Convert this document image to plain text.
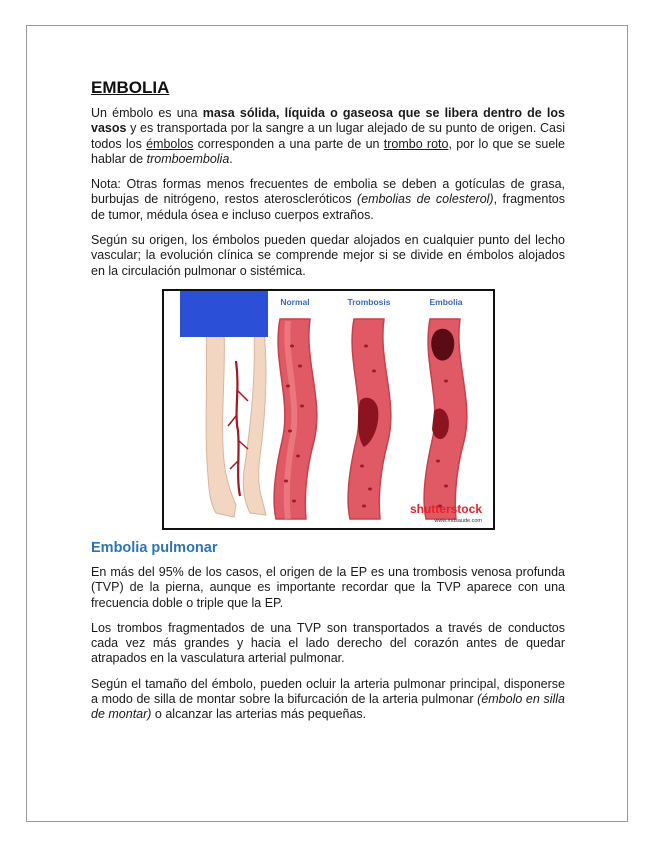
EMBOLIA

Un émbolo es una masa sólida, líquida o gaseosa que se libera dentro de los vasos y es transportada por la sangre a un lugar alejado de su punto de origen. Casi todos los émbolos corresponden a una parte de un trombo roto, por lo que se suele hablar de tromboembolia.

Nota: Otras formas menos frecuentes de embolia se deben a gotículas de grasa, burbujas de nitrógeno, restos ateroscleróticos (embolias de colesterol), fragmentos de tumor, médula ósea e incluso cuerpos extraños.

Según su origen, los émbolos pueden quedar alojados en cualquier punto del lecho vascular; la evolución clínica se comprende mejor si se divide en émbolos alojados en la circulación pulmonar o sistémica.

Normal	Trombosis	Embolia
shutterstock
www.mdsaude.com
Embolia pulmonar

En más del 95% de los casos, el origen de la EP es una trombosis venosa profunda (TVP) de la pierna, aunque es importante recordar que la TVP aparece con una frecuencia doble o triple que la EP.

Los trombos fragmentados de una TVP son transportados a través de conductos cada vez más grandes y hacia el lado derecho del corazón antes de quedar atrapados en la vasculatura arterial pulmonar.

Según el tamaño del émbolo, pueden ocluir la arteria pulmonar principal, disponerse a modo de silla de montar sobre la bifurcación de la arteria pulmonar (émbolo en silla de montar) o alcanzar las arterias más pequeñas.
